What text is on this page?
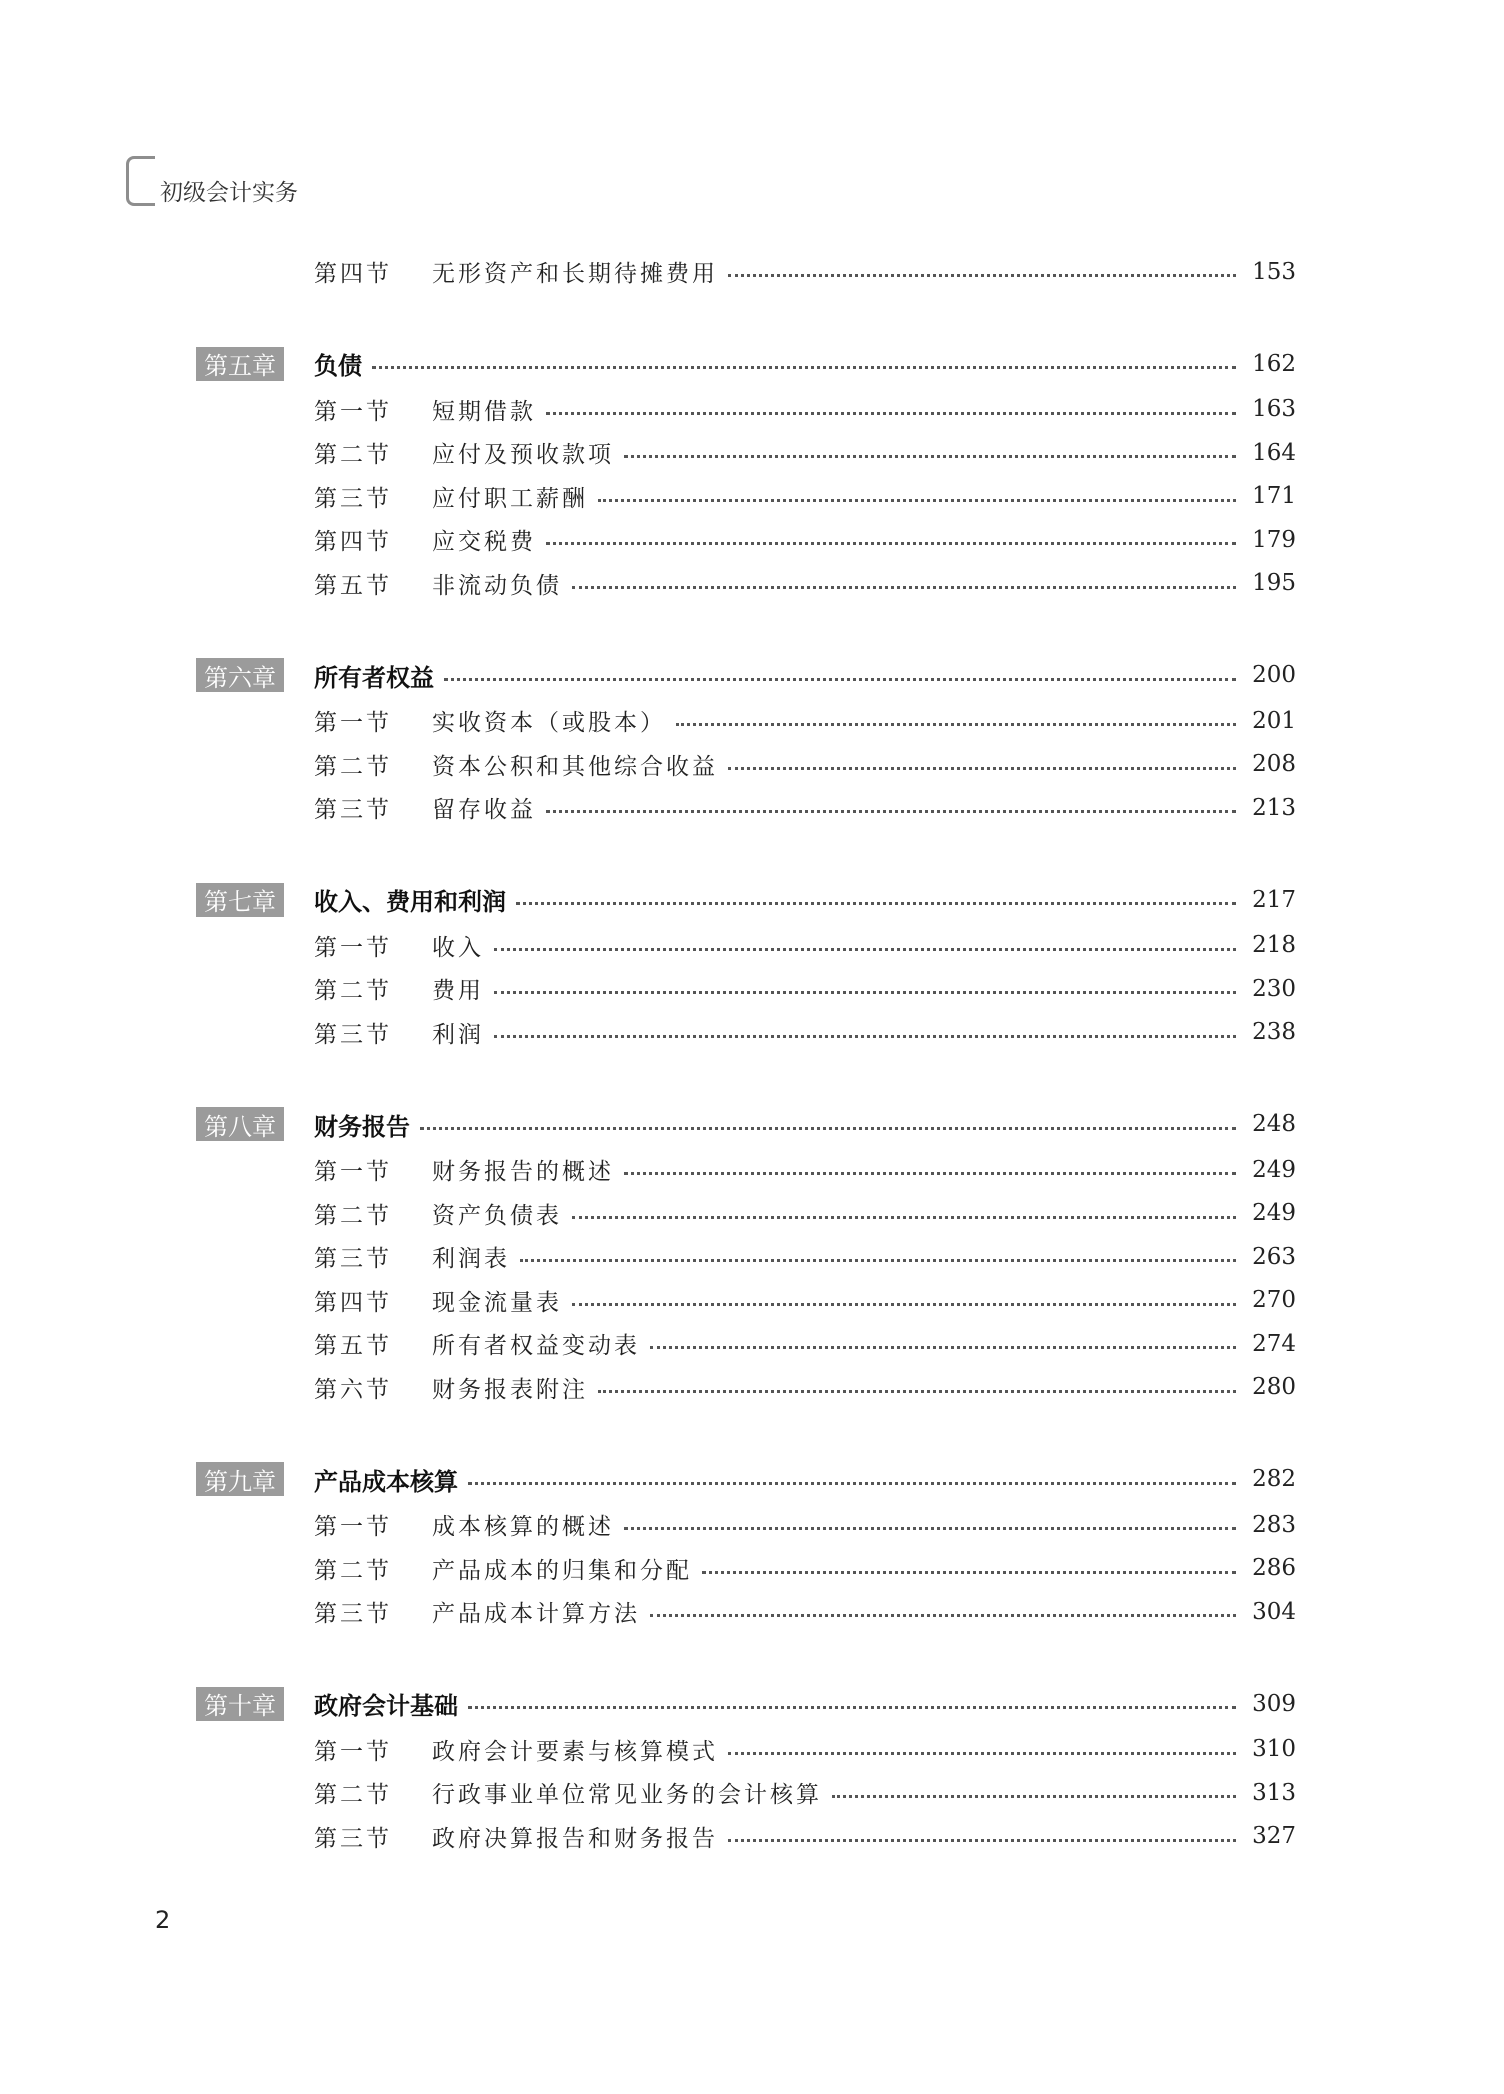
初级会计实务
第四节	无形资产和长期待摊费用	153
第五章	负债	162
第一节	短期借款	163
第二节	应付及预收款项	164
第三节	应付职工薪酬	171
第四节	应交税费	179
第五节	非流动负债	195
第六章	所有者权益	200
第一节	实收资本（或股本）	201
第二节	资本公积和其他综合收益	208
第三节	留存收益	213
第七章	收入、费用和利润	217
第一节	收入	218
第二节	费用	230
第三节	利润	238
第八章	财务报告	248
第一节	财务报告的概述	249
第二节	资产负债表	249
第三节	利润表	263
第四节	现金流量表	270
第五节	所有者权益变动表	274
第六节	财务报表附注	280
第九章	产品成本核算	282
第一节	成本核算的概述	283
第二节	产品成本的归集和分配	286
第三节	产品成本计算方法	304
第十章	政府会计基础	309
第一节	政府会计要素与核算模式	310
第二节	行政事业单位常见业务的会计核算	313
第三节	政府决算报告和财务报告	327
2
